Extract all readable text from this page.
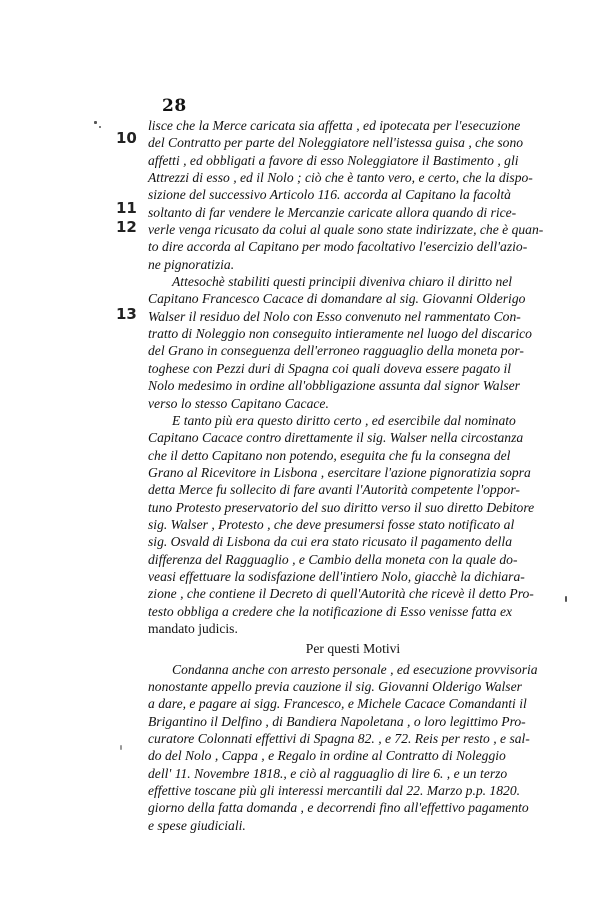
28
10
11
12
13
lisce che la Merce caricata sia affetta , ed ipotecata per l'esecuzione
del Contratto per parte del Noleggiatore nell'istessa guisa , che sono
affetti , ed obbligati a favore di esso Noleggiatore il Bastimento , gli
Attrezzi di esso , ed il Nolo ; ciò che è tanto vero, e certo, che la dispo-
sizione del successivo Articolo 116. accorda al Capitano la facoltà
soltanto di far vendere le Mercanzie caricate allora quando di rice-
verle venga ricusato da colui al quale sono state indirizzate, che è quan-
to dire accorda al Capitano per modo facoltativo l'esercizio dell'azio-
ne pignoratizia.
Attesochè stabiliti questi principii diveniva chiaro il diritto nel
Capitano Francesco Cacace di domandare al sig. Giovanni Olderigo
Walser il residuo del Nolo con Esso convenuto nel rammentato Con-
tratto di Noleggio non conseguito intieramente nel luogo del discarico
del Grano in conseguenza dell'erroneo ragguaglio della moneta por-
toghese con Pezzi duri di Spagna coi quali doveva essere pagato il
Nolo medesimo in ordine all'obbligazione assunta dal signor Walser
verso lo stesso Capitano Cacace.
E tanto più era questo diritto certo , ed esercibile dal nominato
Capitano Cacace contro direttamente il sig. Walser nella circostanza
che il detto Capitano non potendo, eseguita che fu la consegna del
Grano al Ricevitore in Lisbona , esercitare l'azione pignoratizia sopra
detta Merce fu sollecito di fare avanti l'Autorità competente l'oppor-
tuno Protesto preservatorio del suo diritto verso il suo diretto Debitore
sig. Walser , Protesto , che deve presumersi fosse stato notificato al
sig. Osvald di Lisbona da cui era stato ricusato il pagamento della
differenza del Ragguaglio , e Cambio della moneta con la quale do-
veasi effettuare la sodisfazione dell'intiero Nolo, giacchè la dichiara-
zione , che contiene il Decreto di quell'Autorità che ricevè il detto Pro-
testo obbliga a credere che la notificazione di Esso venisse fatta ex
mandato judicis.
Per questi Motivi
Condanna anche con arresto personale , ed esecuzione provvisoria
nonostante appello previa cauzione il sig. Giovanni Olderigo Walser
a dare, e pagare ai sigg. Francesco, e Michele Cacace Comandanti il
Brigantino il Delfino , di Bandiera Napoletana , o loro legittimo Pro-
curatore Colonnati effettivi di Spagna 82. , e 72. Reis per resto , e sal-
do del Nolo , Cappa , e Regalo in ordine al Contratto di Noleggio
dell' 11. Novembre 1818., e ciò al ragguaglio di lire 6. , e un terzo
effettive toscane più gli interessi mercantili dal 22. Marzo p.p. 1820.
giorno della fatta domanda , e decorrendi fino all'effettivo pagamento
e spese giudiciali.
